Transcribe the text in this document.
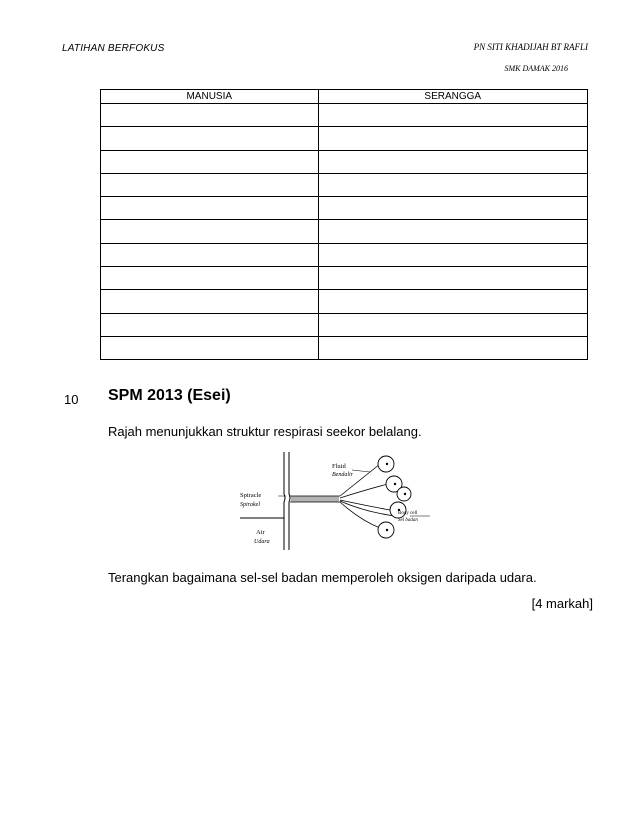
LATIHAN BERFOKUS	PN SITI KHADIJAH BT RAFLI
SMK DAMAK 2016
MANUSIA	SERANGGA

10 SPM 2013 (Esei)
Rajah menunjukkan struktur respirasi seekor belalang.
Fluid
Bendalir
Spiracle
Spirakel
Air
Udara
Body cell
Sel badan
Terangkan bagaimana sel-sel badan memperoleh oksigen daripada udara.
[4 markah]
